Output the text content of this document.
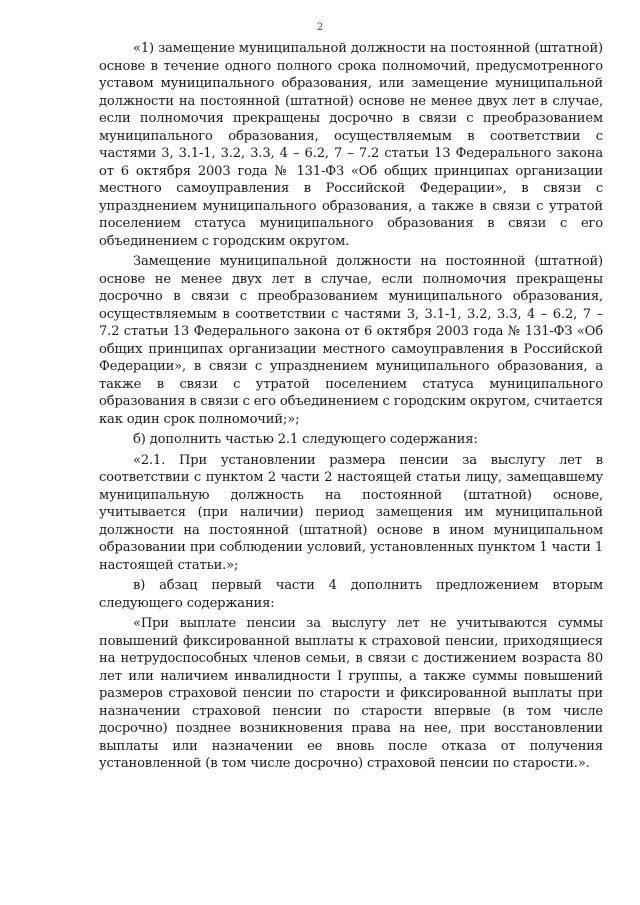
2

«1) замещение муниципальной должности на постоянной (штатной) основе в течение одного полного срока полномочий, предусмотренного уставом муниципального образования, или замещение муниципальной должности на постоянной (штатной) основе не менее двух лет в случае, если полномочия прекращены досрочно в связи с преобразованием муниципального образования, осуществляемым в соответствии с частями 3, 3.1-1, 3.2, 3.3, 4 – 6.2, 7 – 7.2 статьи 13 Федерального закона от 6 октября 2003 года № 131-ФЗ «Об общих принципах организации местного самоуправления в Российской Федерации», в связи с упразднением муниципального образования, а также в связи с утратой поселением статуса муниципального образования в связи с его объединением с городским округом.

Замещение муниципальной должности на постоянной (штатной) основе не менее двух лет в случае, если полномочия прекращены досрочно в связи с преобразованием муниципального образования, осуществляемым в соответствии с частями 3, 3.1-1, 3.2, 3.3, 4 – 6.2, 7 – 7.2 статьи 13 Федерального закона от 6 октября 2003 года № 131-ФЗ «Об общих принципах организации местного самоуправления в Российской Федерации», в связи с упразднением муниципального образования, а также в связи с утратой поселением статуса муниципального образования в связи с его объединением с городским округом, считается как один срок полномочий;»;

б) дополнить частью 2.1 следующего содержания:

«2.1. При установлении размера пенсии за выслугу лет в соответствии с пунктом 2 части 2 настоящей статьи лицу, замещавшему муниципальную должность на постоянной (штатной) основе, учитывается (при наличии) период замещения им муниципальной должности на постоянной (штатной) основе в ином муниципальном образовании при соблюдении условий, установленных пунктом 1 части 1 настоящей статьи.»;

в) абзац первый части 4 дополнить предложением вторым следующего содержания:

«При выплате пенсии за выслугу лет не учитываются суммы повышений фиксированной выплаты к страховой пенсии, приходящиеся на нетрудоспособных членов семьи, в связи с достижением возраста 80 лет или наличием инвалидности I группы, а также суммы повышений размеров страховой пенсии по старости и фиксированной выплаты при назначении страховой пенсии по старости впервые (в том числе досрочно) позднее возникновения права на нее, при восстановлении выплаты или назначении ее вновь после отказа от получения установленной (в том числе досрочно) страховой пенсии по старости.».
